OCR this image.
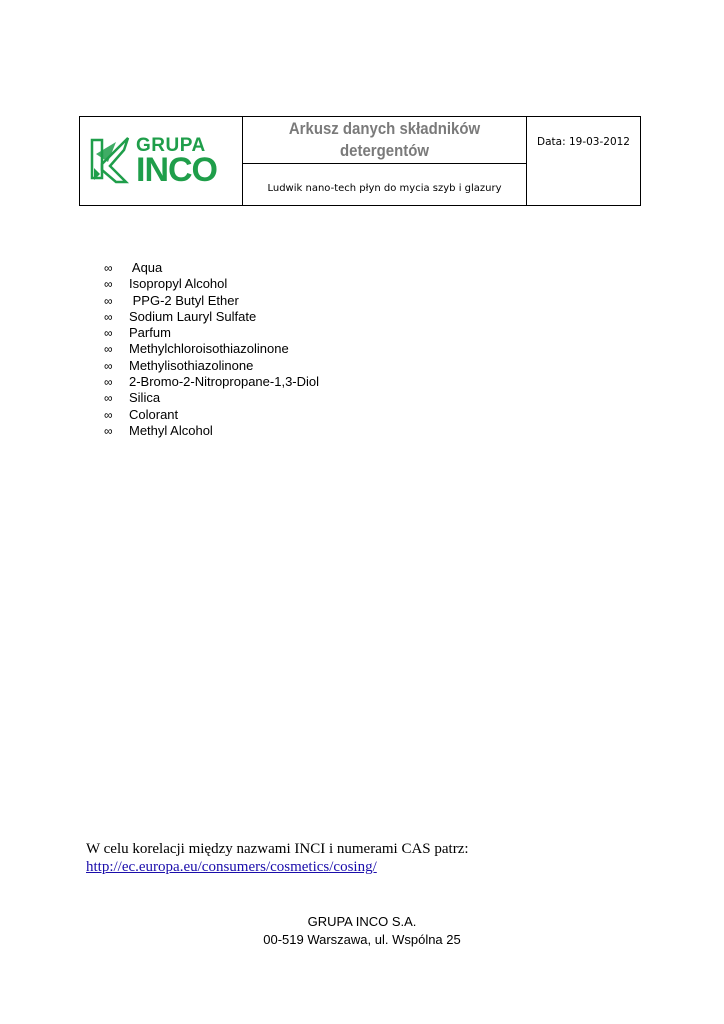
GRUPA
INCO

Arkusz danych składników
detergentów	Data: 19-03-2012

Ludwik nano-tech płyn do mycia szyb i glazury
∞	Aqua
∞	Isopropyl Alcohol
∞	PPG-2 Butyl Ether
∞	Sodium Lauryl Sulfate
∞	Parfum
∞	Methylchloroisothiazolinone
∞	Methylisothiazolinone
∞	2-Bromo-2-Nitropropane-1,3-Diol
∞	Silica
∞	Colorant
∞	Methyl Alcohol
W celu korelacji między nazwami INCI i numerami CAS patrz:
http://ec.europa.eu/consumers/cosmetics/cosing/
GRUPA INCO S.A.
00-519 Warszawa, ul. Wspólna 25
